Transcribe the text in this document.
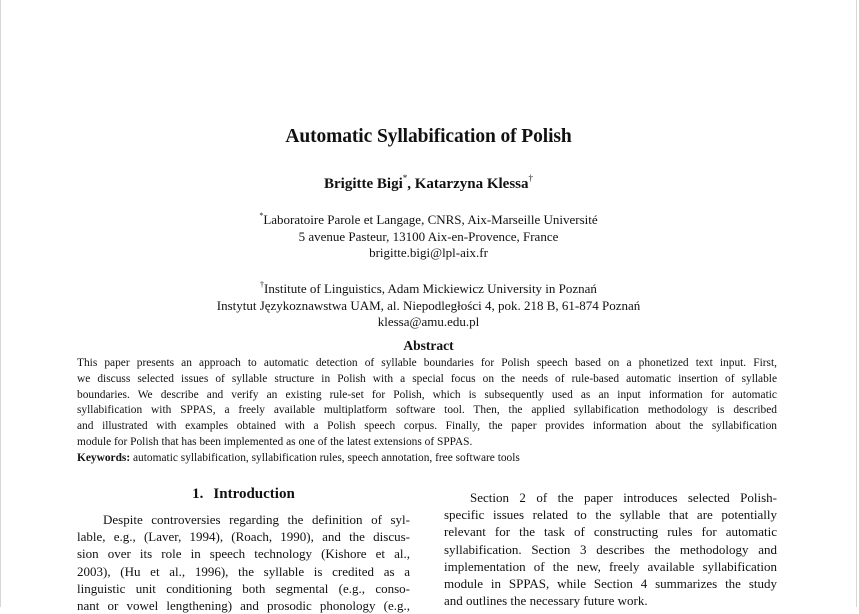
Automatic Syllabification of Polish
Brigitte Bigi*, Katarzyna Klessa†
*Laboratoire Parole et Langage, CNRS, Aix-Marseille Université
5 avenue Pasteur, 13100 Aix-en-Provence, France
brigitte.bigi@lpl-aix.fr
†Institute of Linguistics, Adam Mickiewicz University in Poznań
Instytut Językoznawstwa UAM, al. Niepodległości 4, pok. 218 B, 61-874 Poznań
klessa@amu.edu.pl
Abstract
This paper presents an approach to automatic detection of syllable boundaries for Polish speech based on a phonetized text input. First,
we discuss selected issues of syllable structure in Polish with a special focus on the needs of rule-based automatic insertion of syllable
boundaries. We describe and verify an existing rule-set for Polish, which is subsequently used as an input information for automatic
syllabification with SPPAS, a freely available multiplatform software tool. Then, the applied syllabification methodology is described
and illustrated with examples obtained with a Polish speech corpus. Finally, the paper provides information about the syllabification
module for Polish that has been implemented as one of the latest extensions of SPPAS.
Keywords: automatic syllabification, syllabification rules, speech annotation, free software tools
1. Introduction
  Despite controversies regarding the definition of syl-
lable, e.g., (Laver, 1994), (Roach, 1990), and the discus-
sion over its role in speech technology (Kishore et al.,
2003), (Hu et al., 1996), the syllable is credited as a
linguistic unit conditioning both segmental (e.g., conso-
nant or vowel lengthening) and prosodic phonology (e.g.,
  Section 2 of the paper introduces selected Polish-
specific issues related to the syllable that are potentially
relevant for the task of constructing rules for automatic
syllabification. Section 3 describes the methodology and
implementation of the new, freely available syllabification
module in SPPAS, while Section 4 summarizes the study
and outlines the necessary future work.
